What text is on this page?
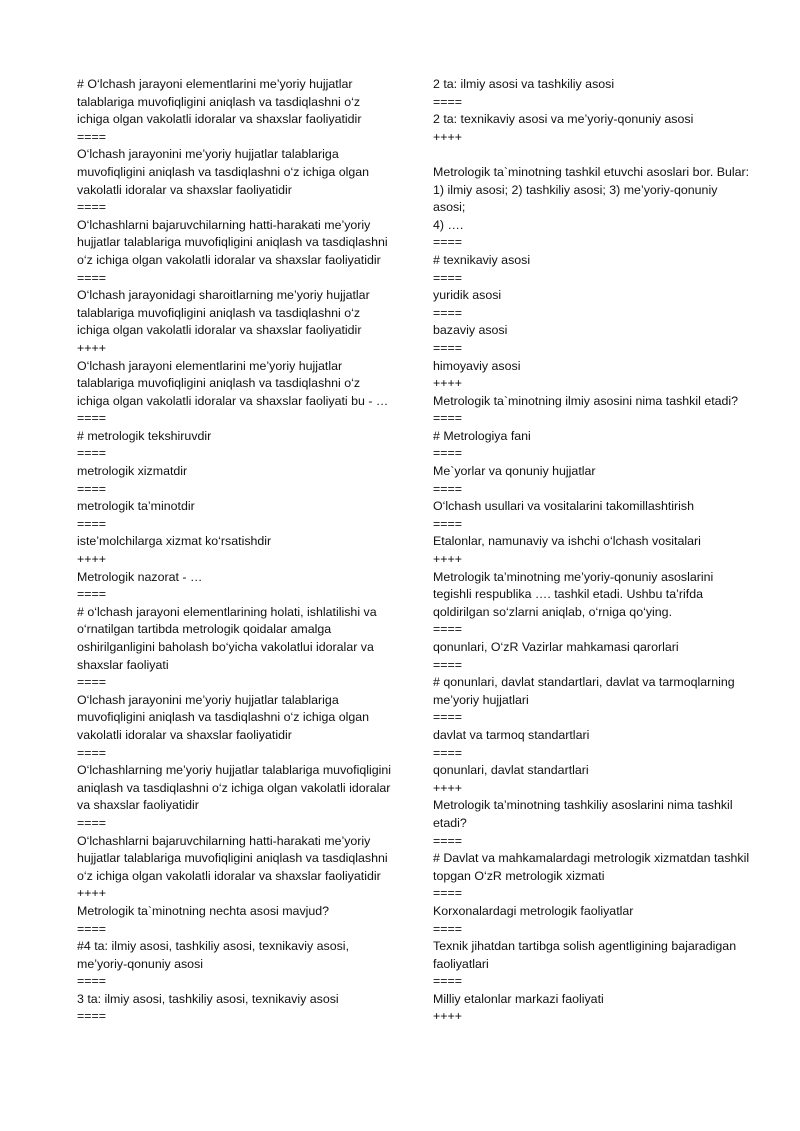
# O‘lchash jarayoni elementlarini me’yoriy hujjatlar talablariga muvofiqligini aniqlash va tasdiqlashni o‘z ichiga olgan vakolatli idoralar va shaxslar faoliyatidir

====

O‘lchash jarayonini me’yoriy hujjatlar talablariga muvofiqligini aniqlash va tasdiqlashni o‘z ichiga olgan vakolatli idoralar va shaxslar faoliyatidir

====

O‘lchashlarni bajaruvchilarning hatti-harakati me’yoriy hujjatlar talablariga muvofiqligini aniqlash va tasdiqlashni o‘z ichiga olgan vakolatli idoralar va shaxslar faoliyatidir

====

O‘lchash jarayonidagi sharoitlarning me’yoriy hujjatlar talablariga muvofiqligini aniqlash va tasdiqlashni o‘z ichiga olgan vakolatli idoralar va shaxslar faoliyatidir

++++

O‘lchash jarayoni elementlarini me’yoriy hujjatlar talablariga muvofiqligini aniqlash va tasdiqlashni o‘z ichiga olgan vakolatli idoralar va shaxslar faoliyati bu - …

====

# metrologik tekshiruvdir

====

metrologik xizmatdir

====

metrologik ta’minotdir

====

iste’molchilarga xizmat ko‘rsatishdir

++++

Metrologik nazorat - …

====

# o‘lchash jarayoni elementlarining holati, ishlatilishi va o‘rnatilgan tartibda metrologik qoidalar amalga oshirilganligini baholash bo‘yicha vakolatlui idoralar va shaxslar faoliyati

====

O‘lchash jarayonini me’yoriy hujjatlar talablariga muvofiqligini aniqlash va tasdiqlashni o‘z ichiga olgan vakolatli idoralar va shaxslar faoliyatidir

====

O‘lchashlarning me’yoriy hujjatlar talablariga muvofiqligini aniqlash va tasdiqlashni o‘z ichiga olgan vakolatli idoralar va shaxslar faoliyatidir

====

O‘lchashlarni bajaruvchilarning hatti-harakati me’yoriy hujjatlar talablariga muvofiqligini aniqlash va tasdiqlashni o‘z ichiga olgan vakolatli idoralar va shaxslar faoliyatidir

++++

Metrologik ta`minotning nechta asosi mavjud?

====

#4 ta: ilmiy asosi, tashkiliy asosi, texnikaviy asosi, me’yoriy-qonuniy asosi

====

3 ta: ilmiy asosi, tashkiliy asosi, texnikaviy asosi

====

2 ta: ilmiy asosi va tashkiliy asosi

====

2 ta: texnikaviy asosi va me’yoriy-qonuniy asosi

++++

Metrologik ta`minotning tashkil etuvchi asoslari bor. Bular: 1) ilmiy asosi; 2) tashkiliy asosi; 3) me’yoriy-qonuniy asosi;

4) ….

====

# texnikaviy asosi

====

yuridik asosi

====

bazaviy asosi

====

himoyaviy asosi

++++

Metrologik ta`minotning ilmiy asosini nima tashkil etadi?

====

# Metrologiya fani

====

Me`yorlar va qonuniy hujjatlar

====

O‘lchash usullari va vositalarini takomillashtirish

====

Etalonlar, namunaviy va ishchi o‘lchash vositalari

++++

Metrologik ta’minotning me’yoriy-qonuniy asoslarini tegishli respublika …. tashkil etadi. Ushbu ta’rifda qoldirilgan so‘zlarni aniqlab, o‘rniga qo‘ying.

====

qonunlari, O‘zR Vazirlar mahkamasi qarorlari

====

# qonunlari, davlat standartlari, davlat va tarmoqlarning me’yoriy hujjatlari

====

davlat va tarmoq standartlari

====

qonunlari, davlat standartlari

++++

Metrologik ta’minotning tashkiliy asoslarini nima tashkil etadi?

====

# Davlat va mahkamalardagi metrologik xizmatdan tashkil topgan O‘zR metrologik xizmati

====

Korxonalardagi metrologik faoliyatlar

====

Texnik jihatdan tartibga solish agentligining bajaradigan faoliyatlari

====

Milliy etalonlar markazi faoliyati

++++
